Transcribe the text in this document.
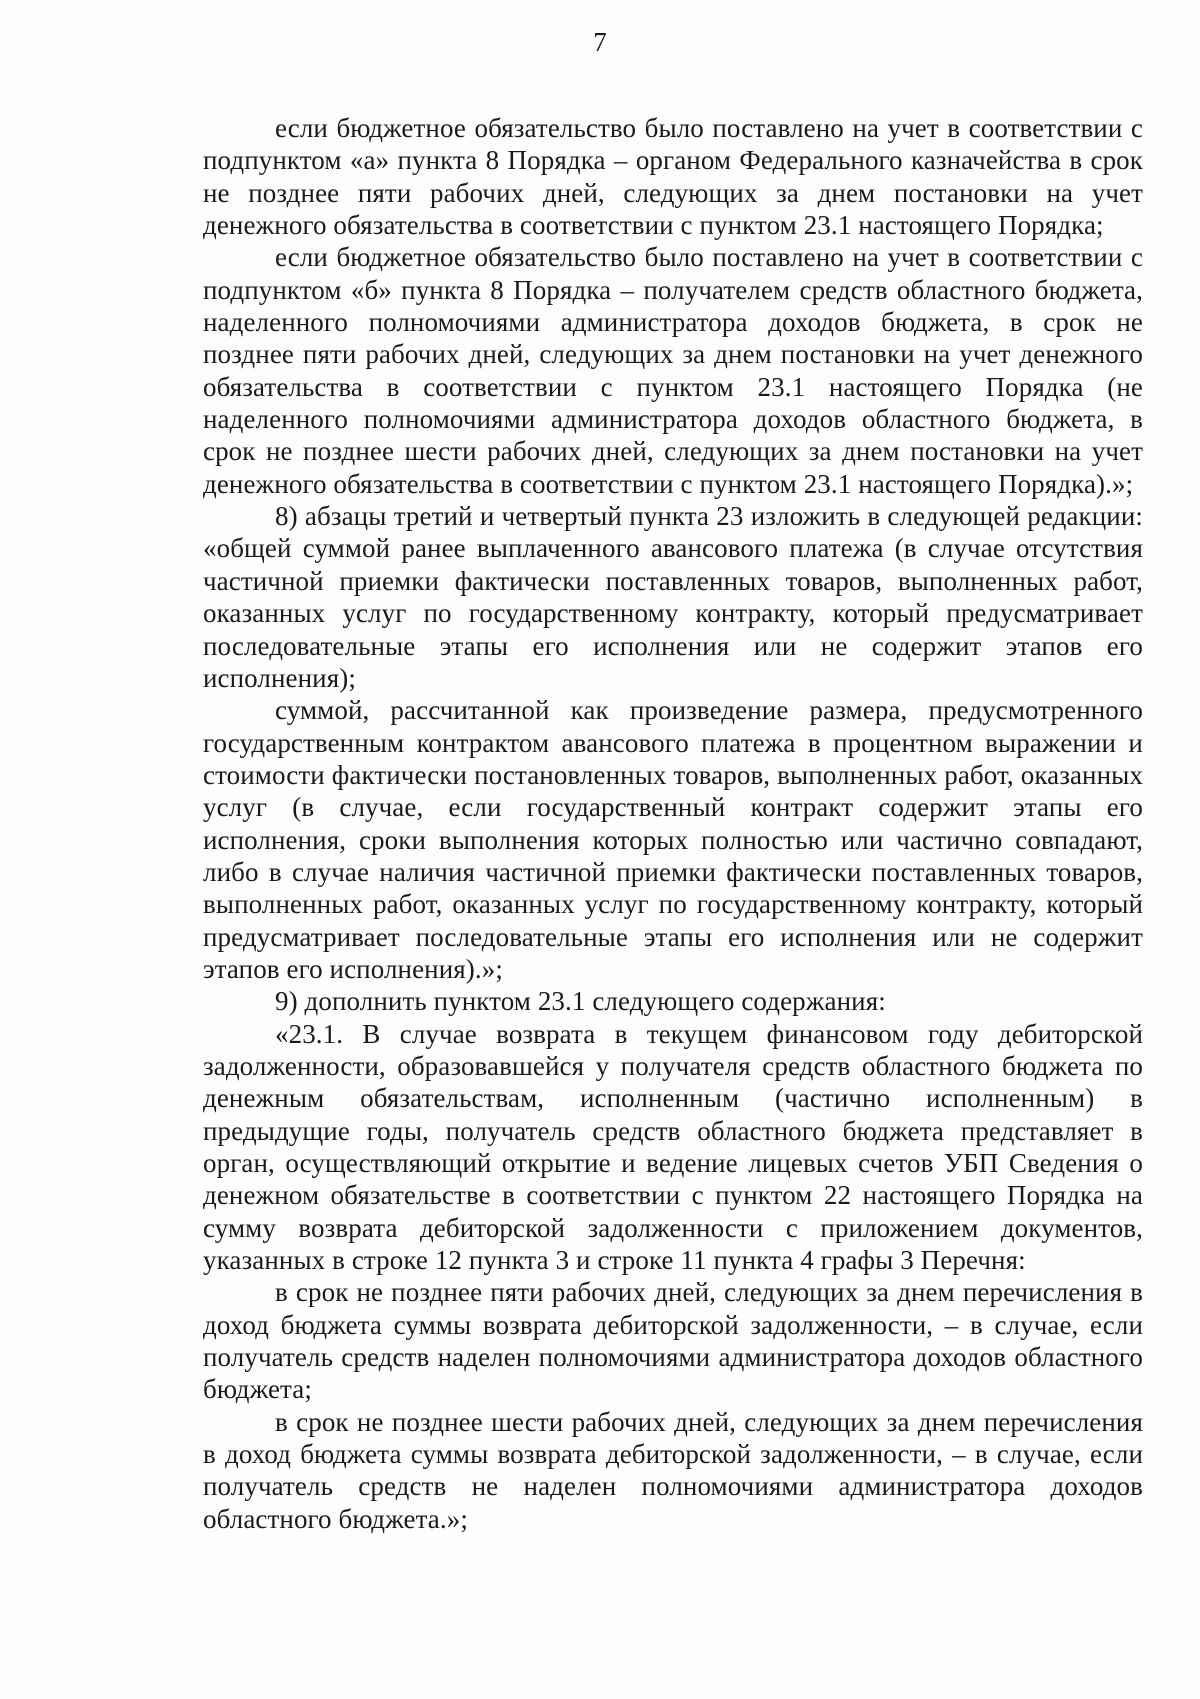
7

если бюджетное обязательство было поставлено на учет в соответствии с подпунктом «а» пункта 8 Порядка – органом Федерального казначейства в срок не позднее пяти рабочих дней, следующих за днем постановки на учет денежного обязательства в соответствии с пунктом 23.1 настоящего Порядка;

если бюджетное обязательство было поставлено на учет в соответствии с подпунктом «б» пункта 8 Порядка – получателем средств областного бюджета, наделенного полномочиями администратора доходов бюджета, в срок не позднее пяти рабочих дней, следующих за днем постановки на учет денежного обязательства в соответствии с пунктом 23.1 настоящего Порядка (не наделенного полномочиями администратора доходов областного бюджета, в срок не позднее шести рабочих дней, следующих за днем постановки на учет денежного обязательства в соответствии с пунктом 23.1 настоящего Порядка).»;

8) абзацы третий и четвертый пункта 23 изложить в следующей редакции: «общей суммой ранее выплаченного авансового платежа (в случае отсутствия частичной приемки фактически поставленных товаров, выполненных работ, оказанных услуг по государственному контракту, который предусматривает последовательные этапы его исполнения или не содержит этапов его исполнения);

суммой, рассчитанной как произведение размера, предусмотренного государственным контрактом авансового платежа в процентном выражении и стоимости фактически постановленных товаров, выполненных работ, оказанных услуг (в случае, если государственный контракт содержит этапы его исполнения, сроки выполнения которых полностью или частично совпадают, либо в случае наличия частичной приемки фактически поставленных товаров, выполненных работ, оказанных услуг по государственному контракту, который предусматривает последовательные этапы его исполнения или не содержит этапов его исполнения).»;

9) дополнить пунктом 23.1 следующего содержания:

«23.1. В случае возврата в текущем финансовом году дебиторской задолженности, образовавшейся у получателя средств областного бюджета по денежным обязательствам, исполненным (частично исполненным) в предыдущие годы, получатель средств областного бюджета представляет в орган, осуществляющий открытие и ведение лицевых счетов УБП Сведения о денежном обязательстве в соответствии с пунктом 22 настоящего Порядка на сумму возврата дебиторской задолженности с приложением документов, указанных в строке 12 пункта 3 и строке 11 пункта 4 графы 3 Перечня:

в срок не позднее пяти рабочих дней, следующих за днем перечисления в доход бюджета суммы возврата дебиторской задолженности, – в случае, если получатель средств наделен полномочиями администратора доходов областного бюджета;

в срок не позднее шести рабочих дней, следующих за днем перечисления в доход бюджета суммы возврата дебиторской задолженности, – в случае, если получатель средств не наделен полномочиями администратора доходов областного бюджета.»;
